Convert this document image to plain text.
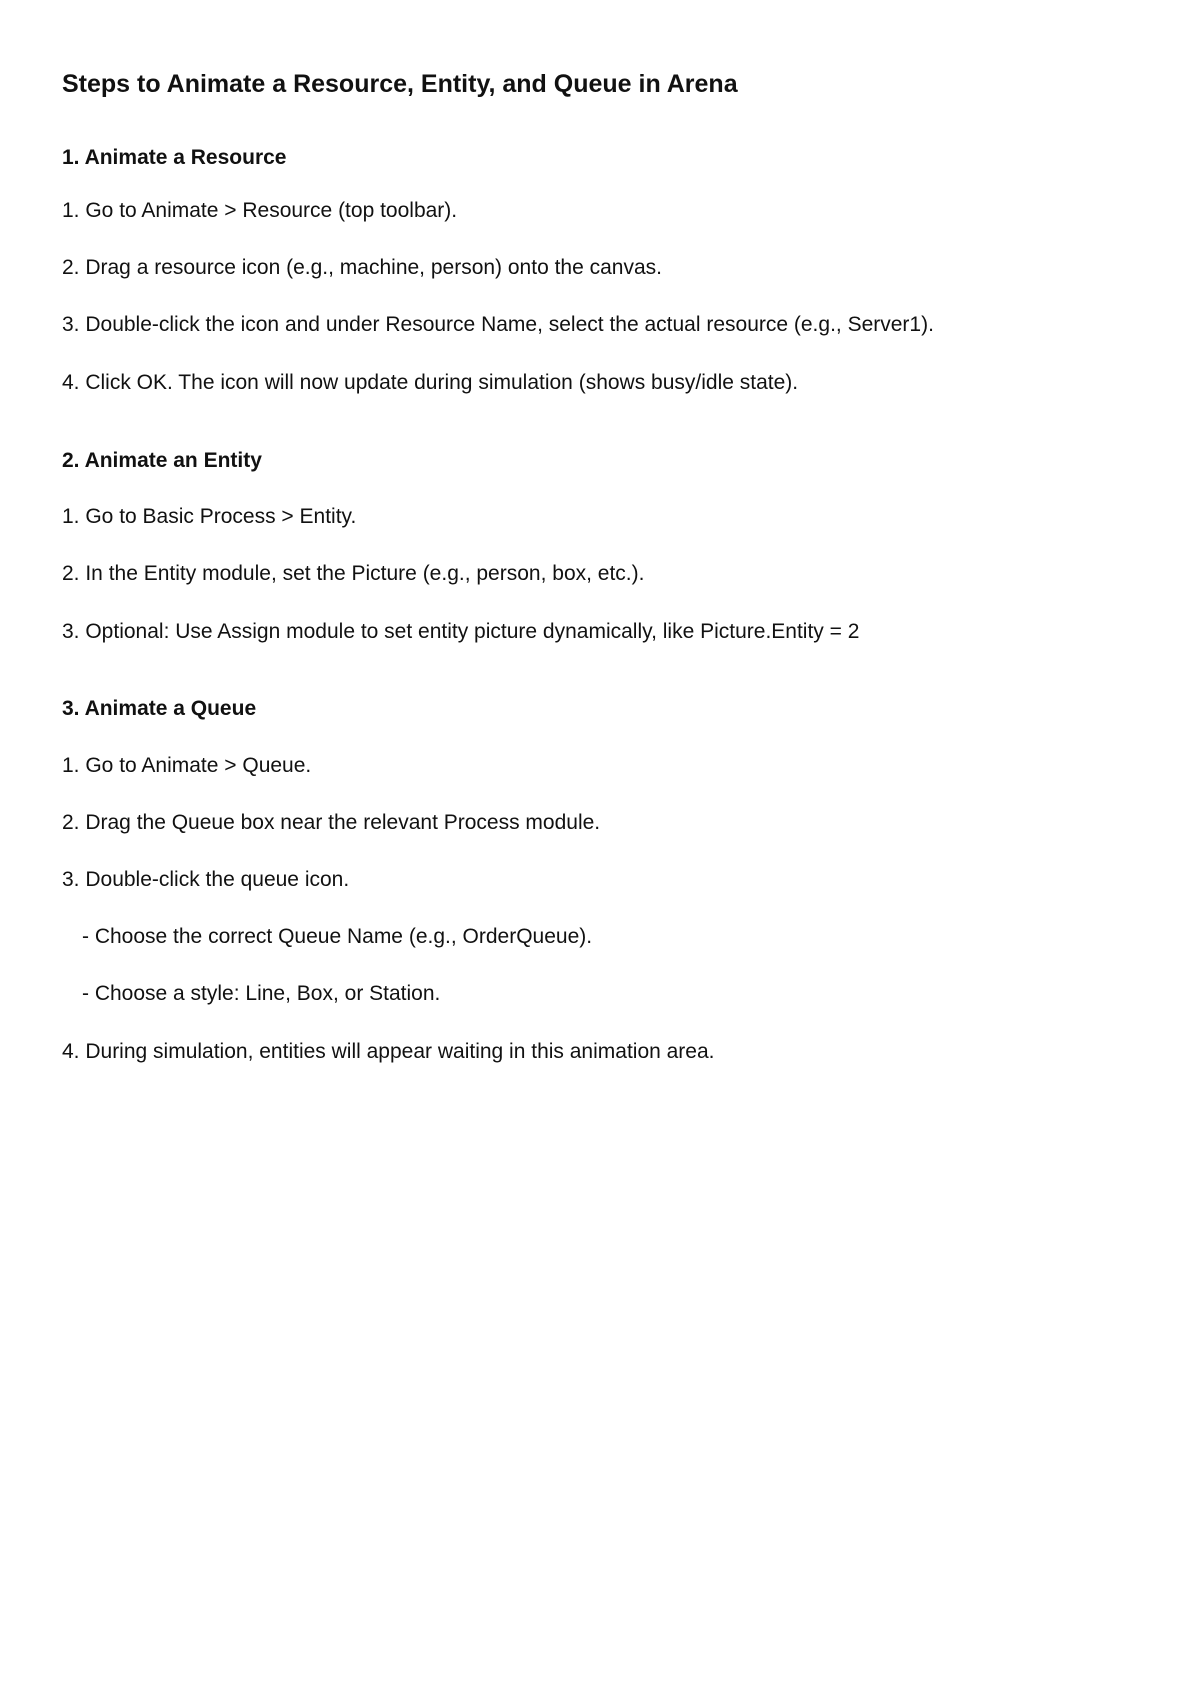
Steps to Animate a Resource, Entity, and Queue in Arena
1. Animate a Resource

1. Go to Animate > Resource (top toolbar).

2. Drag a resource icon (e.g., machine, person) onto the canvas.

3. Double-click the icon and under Resource Name, select the actual resource (e.g., Server1).

4. Click OK. The icon will now update during simulation (shows busy/idle state).

2. Animate an Entity

1. Go to Basic Process > Entity.

2. In the Entity module, set the Picture (e.g., person, box, etc.).

3. Optional: Use Assign module to set entity picture dynamically, like Picture.Entity = 2

3. Animate a Queue

1. Go to Animate > Queue.

2. Drag the Queue box near the relevant Process module.

3. Double-click the queue icon.

- Choose the correct Queue Name (e.g., OrderQueue).

- Choose a style: Line, Box, or Station.

4. During simulation, entities will appear waiting in this animation area.
